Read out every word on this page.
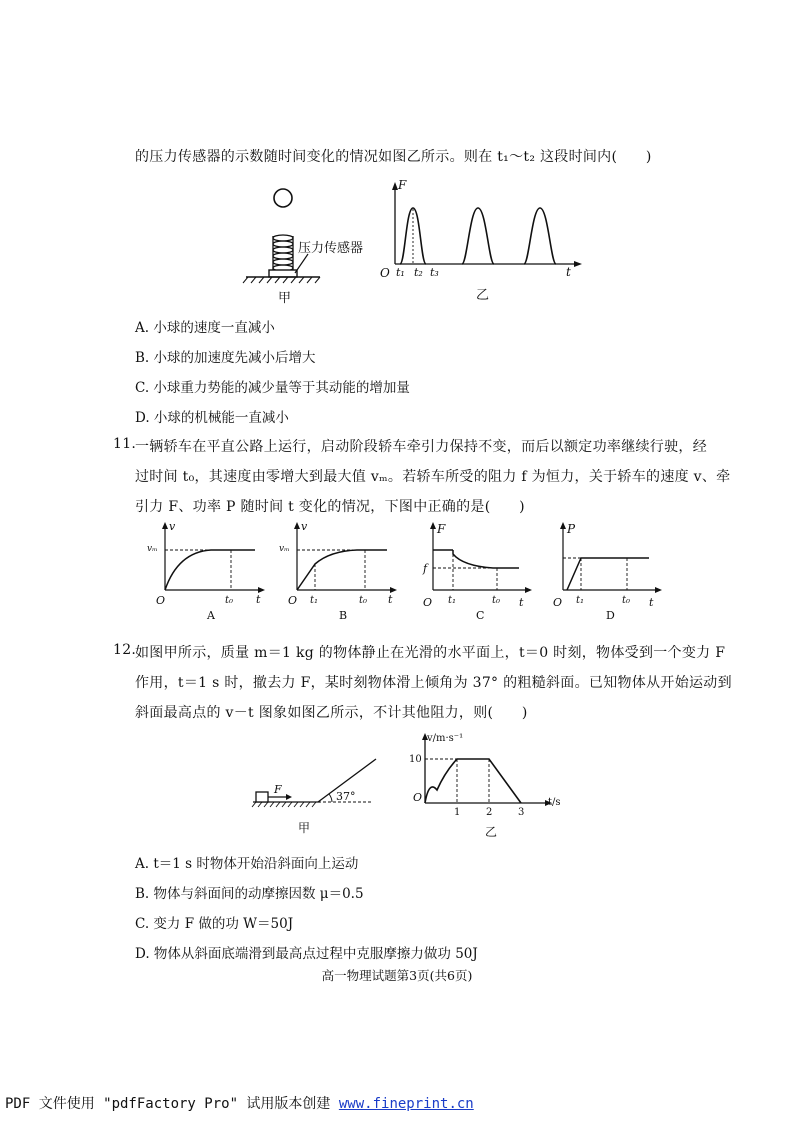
的压力传感器的示数随时间变化的情况如图乙所示。则在 t₁～t₂ 这段时间内(　　)
压力传感器
甲
F
t
O t₁ t₂ t₃
乙
A. 小球的速度一直减小
B. 小球的加速度先减小后增大
C. 小球重力势能的减少量等于其动能的增加量
D. 小球的机械能一直减小
11.
一辆轿车在平直公路上运行，启动阶段轿车牵引力保持不变，而后以额定功率继续行驶，经
过时间 t₀，其速度由零增大到最大值 vₘ。若轿车所受的阻力 f 为恒力，关于轿车的速度 v、牵
引力 F、功率 P 随时间 t 变化的情况，下图中正确的是(　　)
v
vₘ
O	t₀ t
A
v
vₘ
O t₁	t₀ t
B
F
f
O t₁	t₀ t
C
P
O t₁	t₀ t
D
12.
如图甲所示，质量 m＝1 kg 的物体静止在光滑的水平面上，t＝0 时刻，物体受到一个变力 F
作用，t＝1 s 时，撤去力 F，某时刻物体滑上倾角为 37° 的粗糙斜面。已知物体从开始运动到
斜面最高点的 v－t 图象如图乙所示，不计其他阻力，则(　　)
F
37°
甲
v/m·s⁻¹
t/s
10
O
1	2	3
乙
A. t＝1 s 时物体开始沿斜面向上运动
B. 物体与斜面间的动摩擦因数 μ＝0.5
C. 变力 F 做的功 W＝50J
D. 物体从斜面底端滑到最高点过程中克服摩擦力做功 50J
高一物理试题第3页(共6页)
PDF 文件使用 "pdfFactory Pro" 试用版本创建 www.fineprint.cn
